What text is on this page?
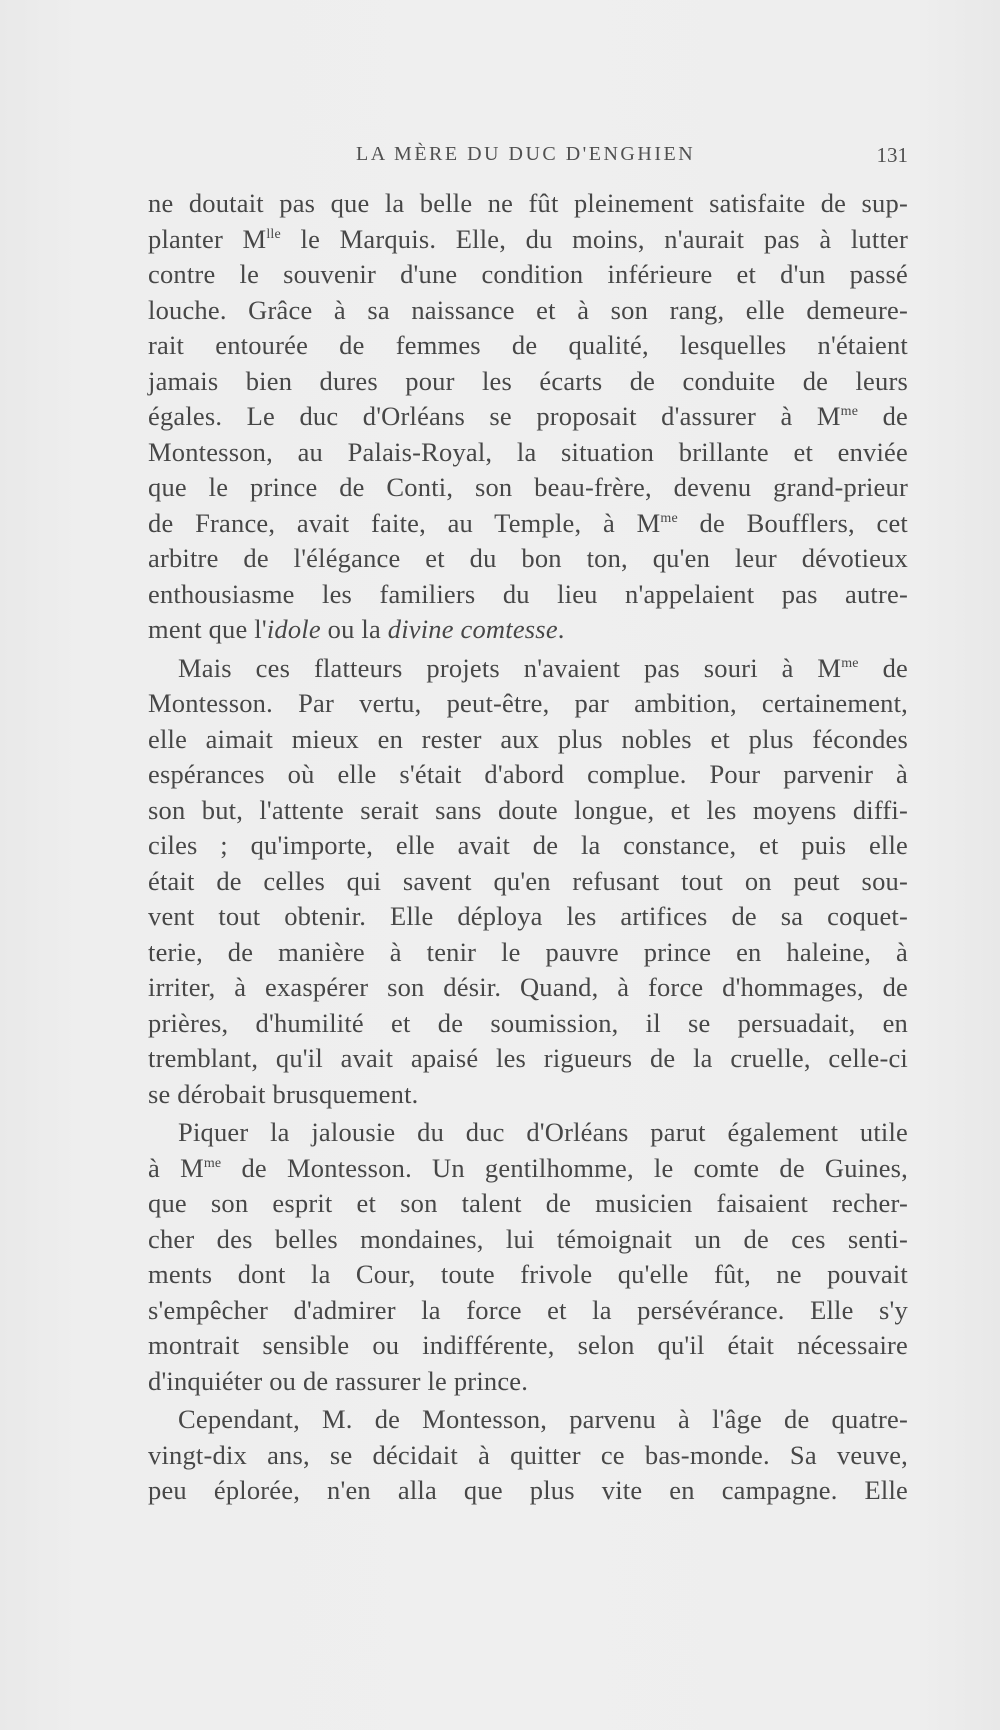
LA MÈRE DU DUC D'ENGHIEN	131
ne doutait pas que la belle ne fût pleinement satisfaite de sup-
planter $M^{lle}$ le Marquis. Elle, du moins, n'aurait pas à lutter
contre le souvenir d'une condition inférieure et d'un passé
louche. Grâce à sa naissance et à son rang, elle demeure-
rait entourée de femmes de qualité, lesquelles n'étaient
jamais bien dures pour les écarts de conduite de leurs
égales. Le duc d'Orléans se proposait d'assurer à $M^{me}$ de
Montesson, au Palais-Royal, la situation brillante et enviée
que le prince de Conti, son beau-frère, devenu grand-prieur
de France, avait faite, au Temple, à $M^{me}$ de Boufflers, cet
arbitre de l'élégance et du bon ton, qu'en leur dévotieux
enthousiasme les familiers du lieu n'appelaient pas autre-
ment que l'idole ou la divine comtesse.
Mais ces flatteurs projets n'avaient pas souri à $M^{me}$ de
Montesson. Par vertu, peut-être, par ambition, certainement,
elle aimait mieux en rester aux plus nobles et plus fécondes
espérances où elle s'était d'abord complue. Pour parvenir à
son but, l'attente serait sans doute longue, et les moyens diffi-
ciles ; qu'importe, elle avait de la constance, et puis elle
était de celles qui savent qu'en refusant tout on peut sou-
vent tout obtenir. Elle déploya les artifices de sa coquet-
terie, de manière à tenir le pauvre prince en haleine, à
irriter, à exaspérer son désir. Quand, à force d'hommages, de
prières, d'humilité et de soumission, il se persuadait, en
tremblant, qu'il avait apaisé les rigueurs de la cruelle, celle-ci
se dérobait brusquement.
Piquer la jalousie du duc d'Orléans parut également utile
à $M^{me}$ de Montesson. Un gentilhomme, le comte de Guines,
que son esprit et son talent de musicien faisaient recher-
cher des belles mondaines, lui témoignait un de ces senti-
ments dont la Cour, toute frivole qu'elle fût, ne pouvait
s'empêcher d'admirer la force et la persévérance. Elle s'y
montrait sensible ou indifférente, selon qu'il était nécessaire
d'inquiéter ou de rassurer le prince.
Cependant, M. de Montesson, parvenu à l'âge de quatre-
vingt-dix ans, se décidait à quitter ce bas-monde. Sa veuve,
peu éplorée, n'en alla que plus vite en campagne. Elle
